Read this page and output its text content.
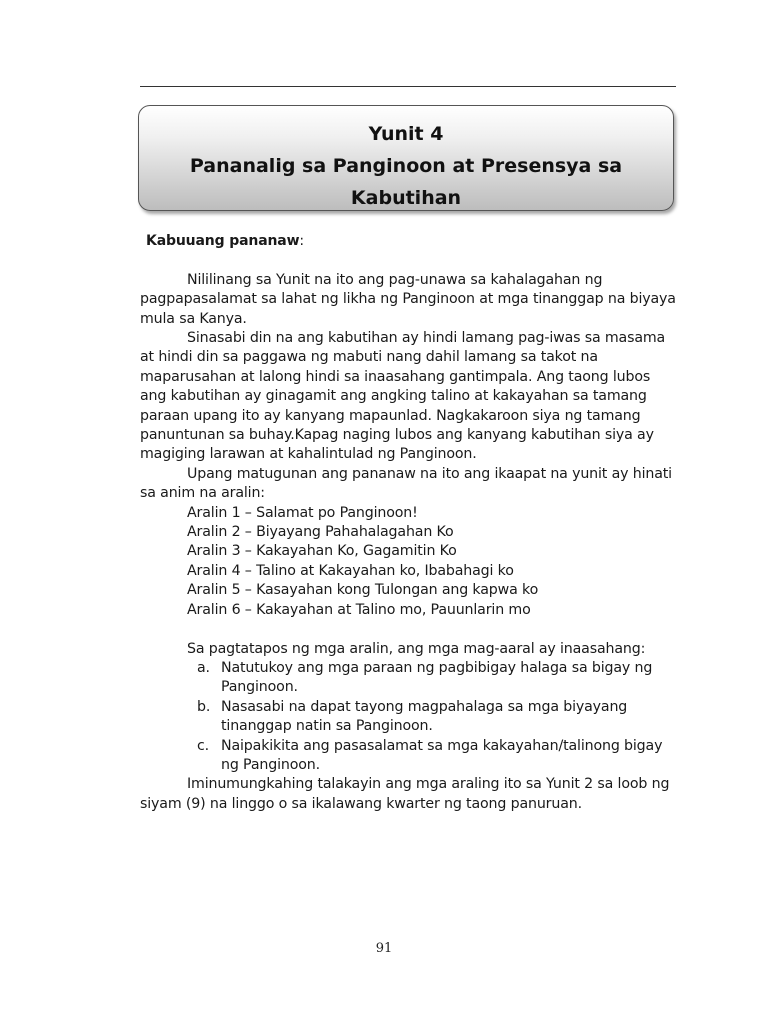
Yunit 4
Pananalig sa Panginoon at Presensya sa
Kabutihan
Kabuuang pananaw:

Nililinang sa Yunit na ito ang pag-unawa sa kahalagahan ng pagpapasalamat sa lahat ng likha ng Panginoon at mga tinanggap na biyaya mula sa Kanya.

Sinasabi din na ang kabutihan ay hindi lamang pag-iwas sa masama at hindi din sa paggawa ng mabuti nang dahil lamang sa takot na maparusahan at lalong hindi sa inaasahang gantimpala. Ang taong lubos ang kabutihan ay ginagamit ang angking talino at kakayahan sa tamang paraan upang ito ay kanyang mapaunlad. Nagkakaroon siya ng tamang panuntunan sa buhay.Kapag naging lubos ang kanyang kabutihan siya ay magiging larawan at kahalintulad ng Panginoon.

Upang matugunan ang pananaw na ito ang ikaapat na yunit ay hinati sa anim na aralin:

Aralin 1 – Salamat po Panginoon!
Aralin 2 – Biyayang Pahahalagahan Ko
Aralin 3 – Kakayahan Ko, Gagamitin Ko
Aralin 4 – Talino at Kakayahan ko, Ibabahagi ko
Aralin 5 – Kasayahan kong Tulongan ang kapwa ko
Aralin 6 – Kakayahan at Talino mo, Pauunlarin mo

Sa pagtatapos ng mga aralin, ang mga mag-aaral ay inaasahang:

a. Natutukoy ang mga paraan ng pagbibigay halaga sa bigay ng Panginoon.
b. Nasasabi na dapat tayong magpahalaga sa mga biyayang tinanggap natin sa Panginoon.
c. Naipakikita ang pasasalamat sa mga kakayahan/talinong bigay ng Panginoon.

Iminumungkahing talakayin ang mga araling ito sa Yunit 2 sa loob ng siyam (9) na linggo o sa ikalawang kwarter ng taong panuruan.

91
